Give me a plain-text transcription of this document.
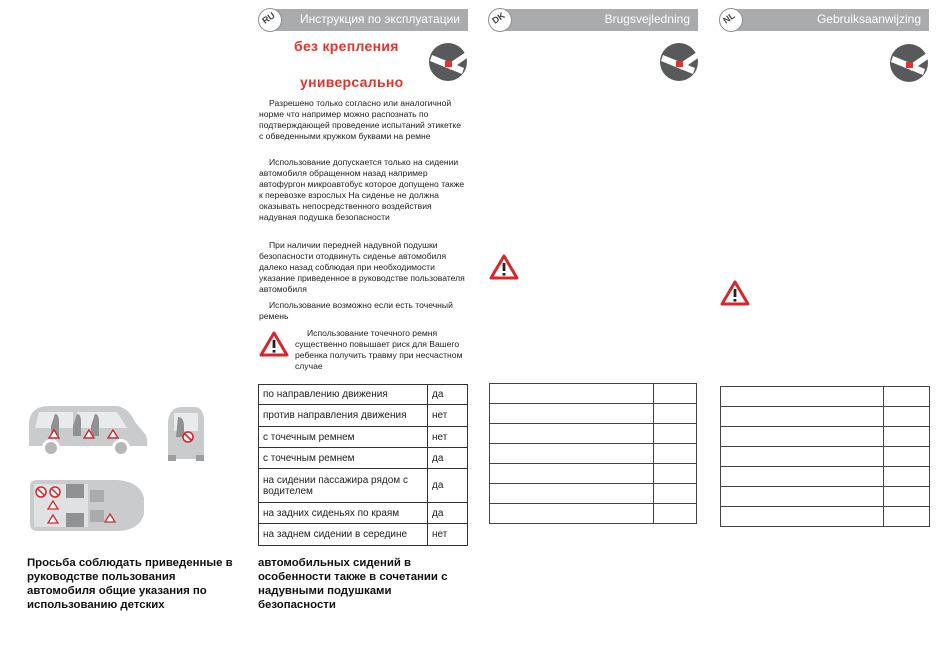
Просьба соблюдать приведенные в руководстве пользования автомобиля общие указания по использованию детских
RU Инструкция по эксплуатации
без крепления
универсально

Разрешено только согласно или аналогичной норме что например можно распознать по подтверждающей проведение испытаний этикетке с обведенными кружком буквами на ремне

Использование допускается только на сидении автомобиля обращенном назад например автофургон микроавтобус которое допущено также к перевозке взрослых На сиденье не должна оказывать непосредственного воздействия надувная подушка безопасности

При наличии передней надувной подушки безопасности отодвинуть сиденье автомобиля далеко назад соблюдая при необходимости указание приведенное в руководстве пользователя автомобиля

Использование возможно если есть точечный ремень

Использование точечного ремня существенно повышает риск для Вашего ребенка получить травму при несчастном случае

по направлению движения	да
против направления движения	нет
с точечным ремнем	нет
с точечным ремнем	да
на сидении пассажира рядом с водителем	да
на задних сиденьях по краям	да
на заднем сидении в середине	нет
автомобильных сидений в особенности также в сочетании с надувными подушками безопасности
DK	Brugsvejledning

		NL	Gebruiksaanwijzing
